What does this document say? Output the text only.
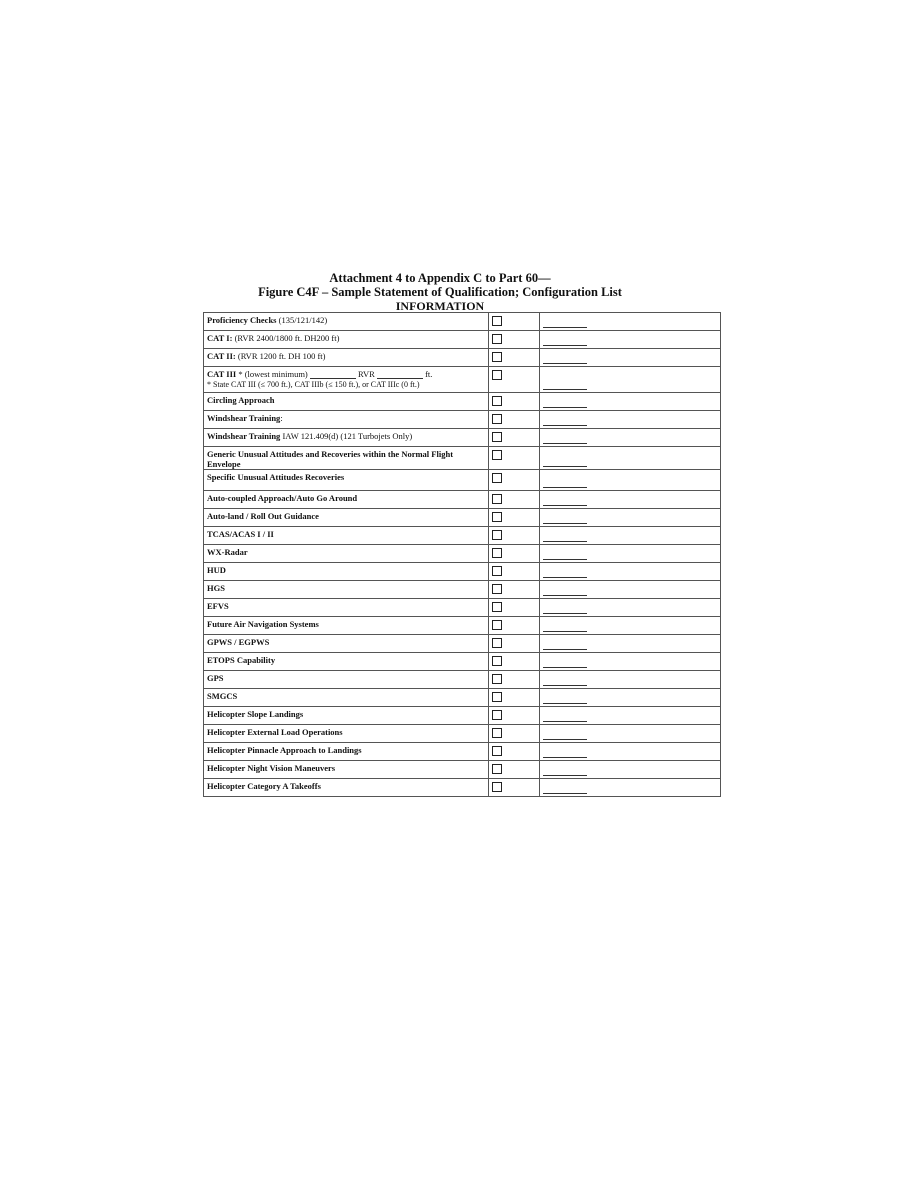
Attachment 4 to Appendix C to Part 60—
Figure C4F – Sample Statement of Qualification; Configuration List
INFORMATION
Proficiency Checks (135/121/142)		

CAT I: (RVR 2400/1800 ft. DH200 ft)		

CAT II: (RVR 1200 ft. DH 100 ft)		

CAT III * (lowest minimum) RVR ft.
* State CAT III (≤ 700 ft.), CAT IIIb (≤ 150 ft.), or CAT IIIc (0 ft.)		

Circling Approach		

Windshear Training:		

Windshear Training IAW 121.409(d) (121 Turbojets Only)		

Generic Unusual Attitudes and Recoveries within the Normal Flight Envelope		

Specific Unusual Attitudes Recoveries		

Auto-coupled Approach/Auto Go Around		

Auto-land / Roll Out Guidance		

TCAS/ACAS I / II		

WX-Radar		

HUD		

HGS		

EFVS		

Future Air Navigation Systems		

GPWS / EGPWS		

ETOPS Capability		

GPS		

SMGCS		

Helicopter Slope Landings		

Helicopter External Load Operations		

Helicopter Pinnacle Approach to Landings		

Helicopter Night Vision Maneuvers		

Helicopter Category A Takeoffs		
